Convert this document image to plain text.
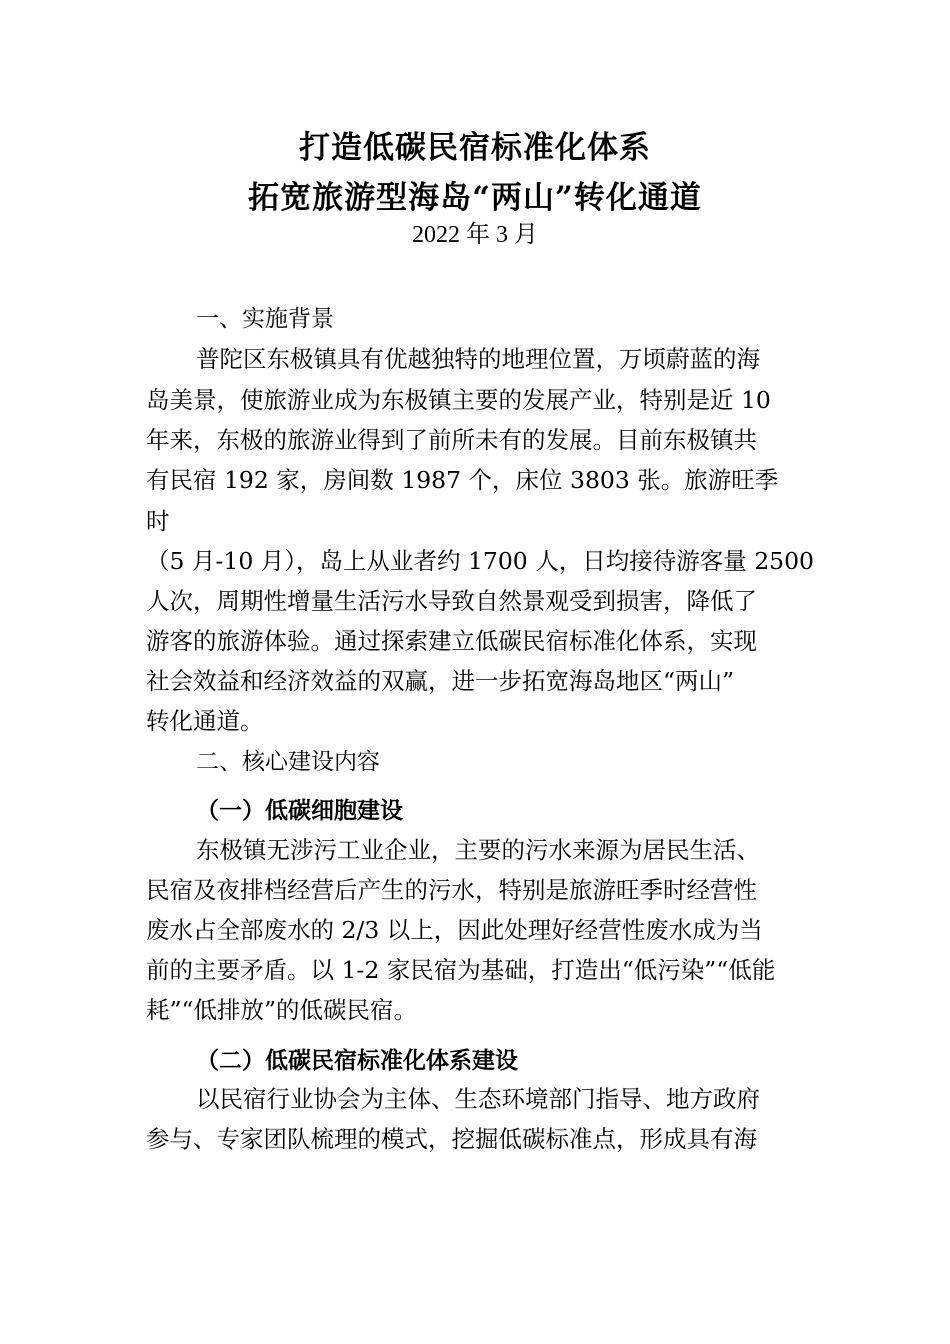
打造低碳民宿标准化体系
拓宽旅游型海岛“两山”转化通道
2022 年 3 月
一、实施背景
普陀区东极镇具有优越独特的地理位置，万顷蔚蓝的海
岛美景，使旅游业成为东极镇主要的发展产业，特别是近 10
年来，东极的旅游业得到了前所未有的发展。目前东极镇共
有民宿 192 家，房间数 1987 个，床位 3803 张。旅游旺季
时
（5 月-10 月），岛上从业者约 1700 人，日均接待游客量 2500
人次，周期性增量生活污水导致自然景观受到损害，降低了
游客的旅游体验。通过探索建立低碳民宿标准化体系，实现
社会效益和经济效益的双赢，进一步拓宽海岛地区“两山”
转化通道。
二、核心建设内容
（一）低碳细胞建设
东极镇无涉污工业企业，主要的污水来源为居民生活、
民宿及夜排档经营后产生的污水，特别是旅游旺季时经营性
废水占全部废水的 2/3 以上，因此处理好经营性废水成为当
前的主要矛盾。以 1-2 家民宿为基础，打造出“低污染”“低能
耗”“低排放”的低碳民宿。
（二）低碳民宿标准化体系建设
以民宿行业协会为主体、生态环境部门指导、地方政府
参与、专家团队梳理的模式，挖掘低碳标准点，形成具有海
